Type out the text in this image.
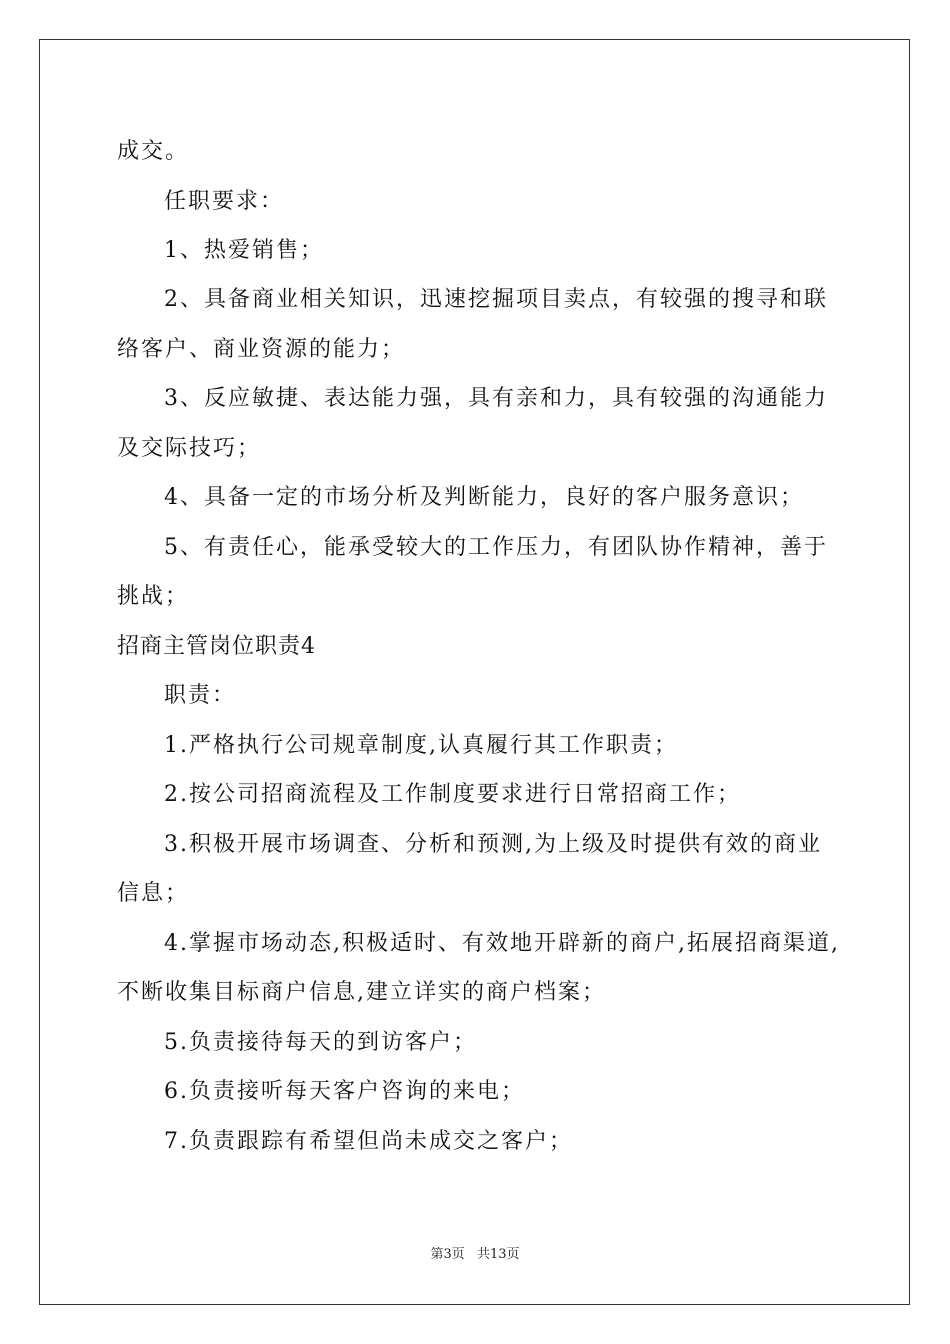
成交。
任职要求：
1、热爱销售；
2、具备商业相关知识，迅速挖掘项目卖点，有较强的搜寻和联
络客户、商业资源的能力；
3、反应敏捷、表达能力强，具有亲和力，具有较强的沟通能力
及交际技巧；
4、具备一定的市场分析及判断能力，良好的客户服务意识；
5、有责任心，能承受较大的工作压力，有团队协作精神，善于
挑战；
招商主管岗位职责4
职责：
1.严格执行公司规章制度,认真履行其工作职责；
2.按公司招商流程及工作制度要求进行日常招商工作；
3.积极开展市场调查、分析和预测,为上级及时提供有效的商业
信息；
4.掌握市场动态,积极适时、有效地开辟新的商户,拓展招商渠道,
不断收集目标商户信息,建立详实的商户档案；
5.负责接待每天的到访客户；
6.负责接听每天客户咨询的来电；
7.负责跟踪有希望但尚未成交之客户；
第3页 共13页
